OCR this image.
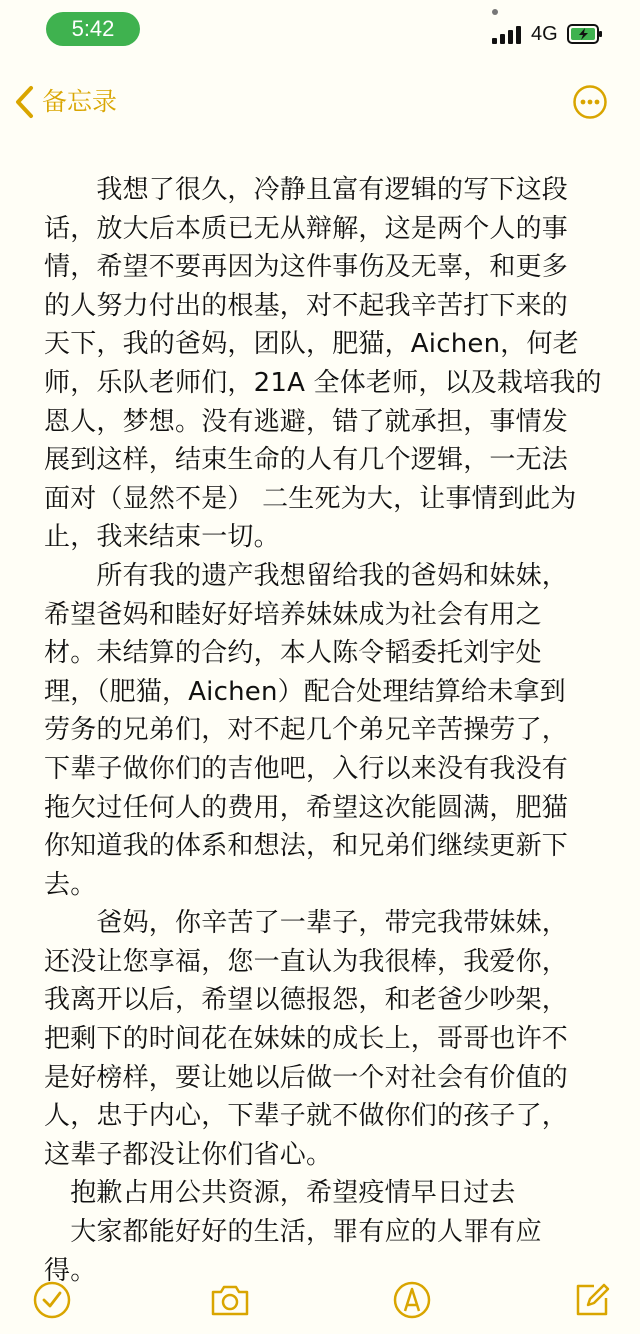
5:42	4G
备忘录
　　我想了很久，冷静且富有逻辑的写下这段
话，放大后本质已无从辩解，这是两个人的事
情，希望不要再因为这件事伤及无辜，和更多
的人努力付出的根基，对不起我辛苦打下来的
天下，我的爸妈，团队，肥猫，Aichen，何老
师，乐队老师们，21A 全体老师，以及栽培我的
恩人，梦想。没有逃避，错了就承担，事情发
展到这样，结束生命的人有几个逻辑，一无法
面对（显然不是） 二生死为大，让事情到此为
止，我来结束一切。
　　所有我的遗产我想留给我的爸妈和妹妹，
希望爸妈和睦好好培养妹妹成为社会有用之
材。未结算的合约，本人陈令韬委托刘宇处
理，（肥猫，Aichen）配合处理结算给未拿到
劳务的兄弟们，对不起几个弟兄辛苦操劳了，
下辈子做你们的吉他吧，入行以来没有我没有
拖欠过任何人的费用，希望这次能圆满，肥猫
你知道我的体系和想法，和兄弟们继续更新下
去。
　　爸妈，你辛苦了一辈子，带完我带妹妹，
还没让您享福，您一直认为我很棒，我爱你，
我离开以后，希望以德报怨，和老爸少吵架，
把剩下的时间花在妹妹的成长上，哥哥也许不
是好榜样，要让她以后做一个对社会有价值的
人，忠于内心，下辈子就不做你们的孩子了，
这辈子都没让你们省心。
　抱歉占用公共资源，希望疫情早日过去
　大家都能好好的生活，罪有应的人罪有应
得。
